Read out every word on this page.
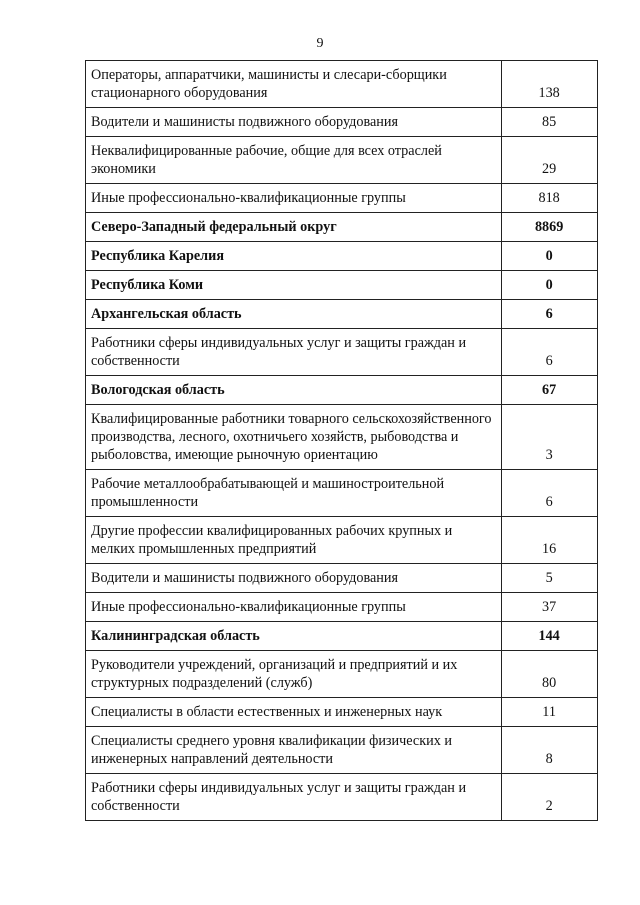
9
Операторы, аппаратчики, машинисты и слесари-сборщики стационарного оборудования	138
Водители и машинисты подвижного оборудования	85
Неквалифицированные рабочие, общие для всех отраслей экономики	29
Иные профессионально-квалификационные группы	818
Северо-Западный федеральный округ	8869
Республика Карелия	0
Республика Коми	0
Архангельская область	6
Работники сферы индивидуальных услуг и защиты граждан и собственности	6
Вологодская область	67
Квалифицированные работники товарного сельскохозяйственного производства, лесного, охотничьего хозяйств, рыбоводства и рыболовства, имеющие рыночную ориентацию	3
Рабочие металлообрабатывающей и машиностроительной промышленности	6
Другие профессии квалифицированных рабочих крупных и мелких промышленных предприятий	16
Водители и машинисты подвижного оборудования	5
Иные профессионально-квалификационные группы	37
Калининградская область	144
Руководители учреждений, организаций и предприятий и их структурных подразделений (служб)	80
Специалисты в области естественных и инженерных наук	11
Специалисты среднего уровня квалификации физических и инженерных направлений деятельности	8
Работники сферы индивидуальных услуг и защиты граждан и собственности	2
